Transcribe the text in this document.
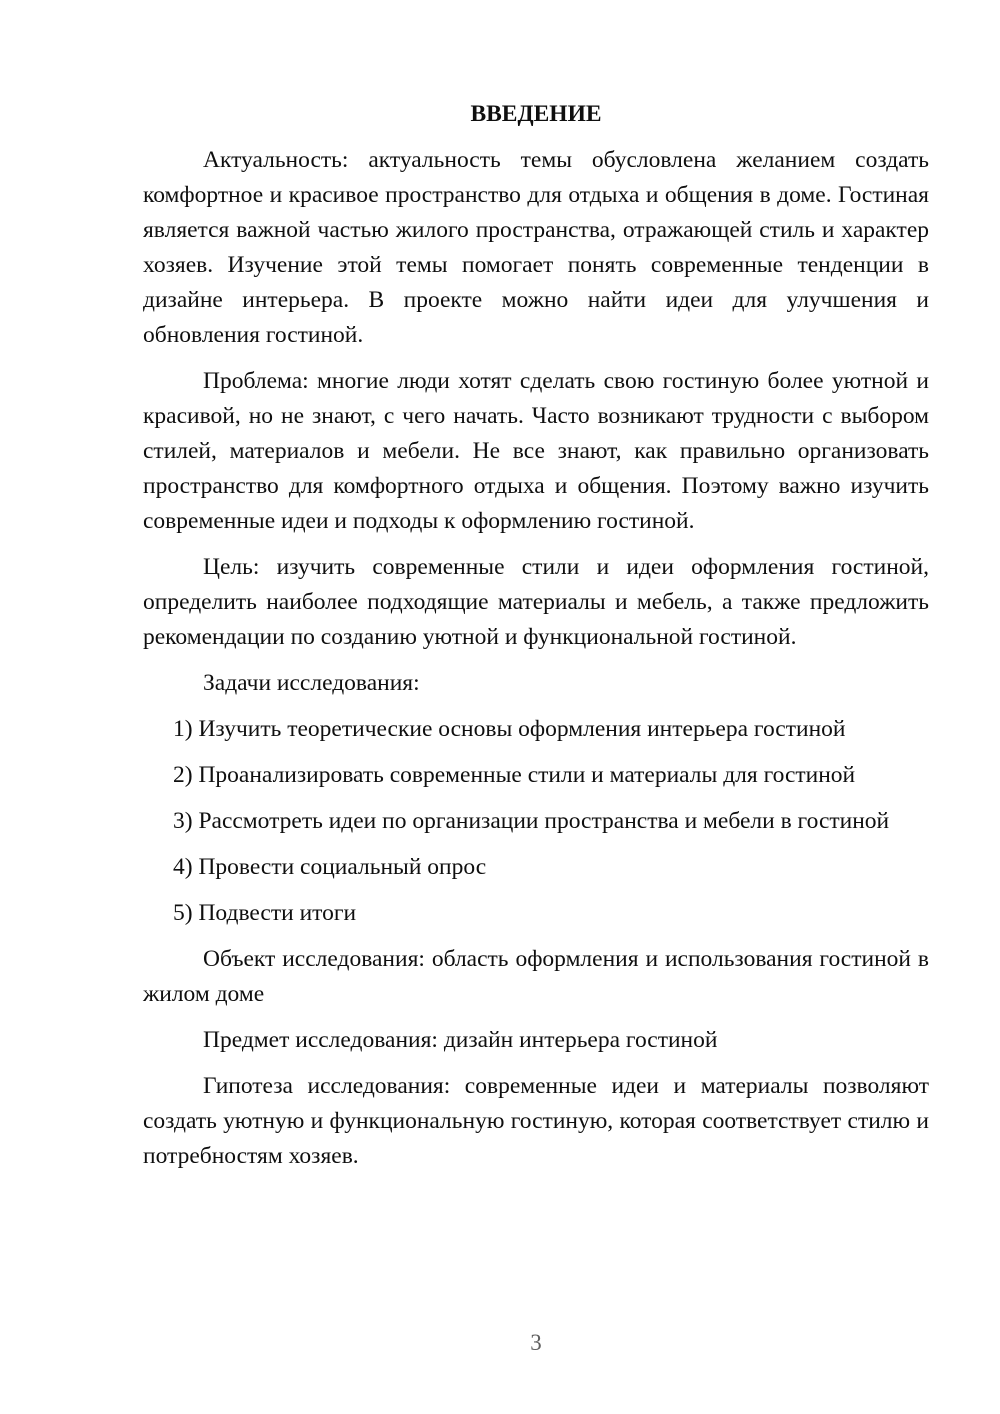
ВВЕДЕНИЕ

Актуальность: актуальность темы обусловлена желанием создать комфортное и красивое пространство для отдыха и общения в доме. Гостиная является важной частью жилого пространства, отражающей стиль и характер хозяев. Изучение этой темы помогает понять современные тенденции в дизайне интерьера. В проекте можно найти идеи для улучшения и обновления гостиной.

Проблема: многие люди хотят сделать свою гостиную более уютной и красивой, но не знают, с чего начать. Часто возникают трудности с выбором стилей, материалов и мебели. Не все знают, как правильно организовать пространство для комфортного отдыха и общения. Поэтому важно изучить современные идеи и подходы к оформлению гостиной.

Цель: изучить современные стили и идеи оформления гостиной, определить наиболее подходящие материалы и мебель, а также предложить рекомендации по созданию уютной и функциональной гостиной.

Задачи исследования:

1) Изучить теоретические основы оформления интерьера гостиной

2) Проанализировать современные стили и материалы для гостиной

3) Рассмотреть идеи по организации пространства и мебели в гостиной

4) Провести социальный опрос

5) Подвести итоги

Объект исследования: область оформления и использования гостиной в жилом доме

Предмет исследования: дизайн интерьера гостиной

Гипотеза исследования: современные идеи и материалы позволяют создать уютную и функциональную гостиную, которая соответствует стилю и потребностям хозяев.

3
